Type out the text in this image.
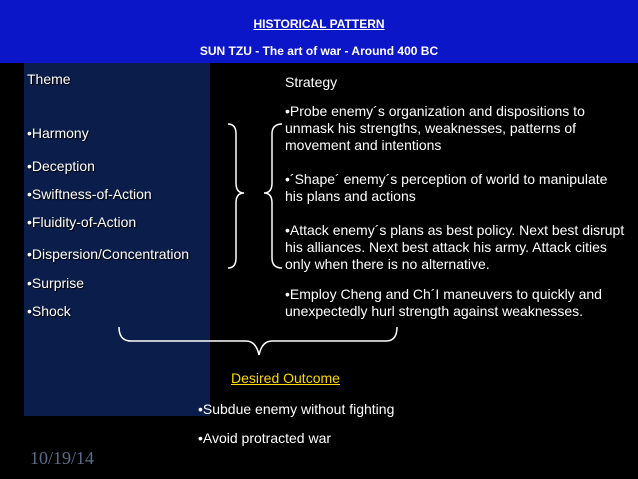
HISTORICAL PATTERN
SUN TZU - The art of war - Around 400 BC
Theme
•Harmony
•Deception
•Swiftness-of-Action
•Fluidity-of-Action
•Dispersion/Concentration
•Surprise
•Shock
Strategy
•Probe enemy´s organization and dispositions to unmask his strengths, weaknesses, patterns of movement and intentions
•´Shape´ enemy´s perception of world to manipulate his plans and actions
•Attack enemy´s plans as best policy. Next best disrupt his alliances. Next best attack his army. Attack cities only when there is no alternative.
•Employ Cheng and Ch´I maneuvers to quickly and unexpectedly hurl strength against weaknesses.
Desired Outcome
•Subdue enemy without fighting
•Avoid protracted war
10/19/14
